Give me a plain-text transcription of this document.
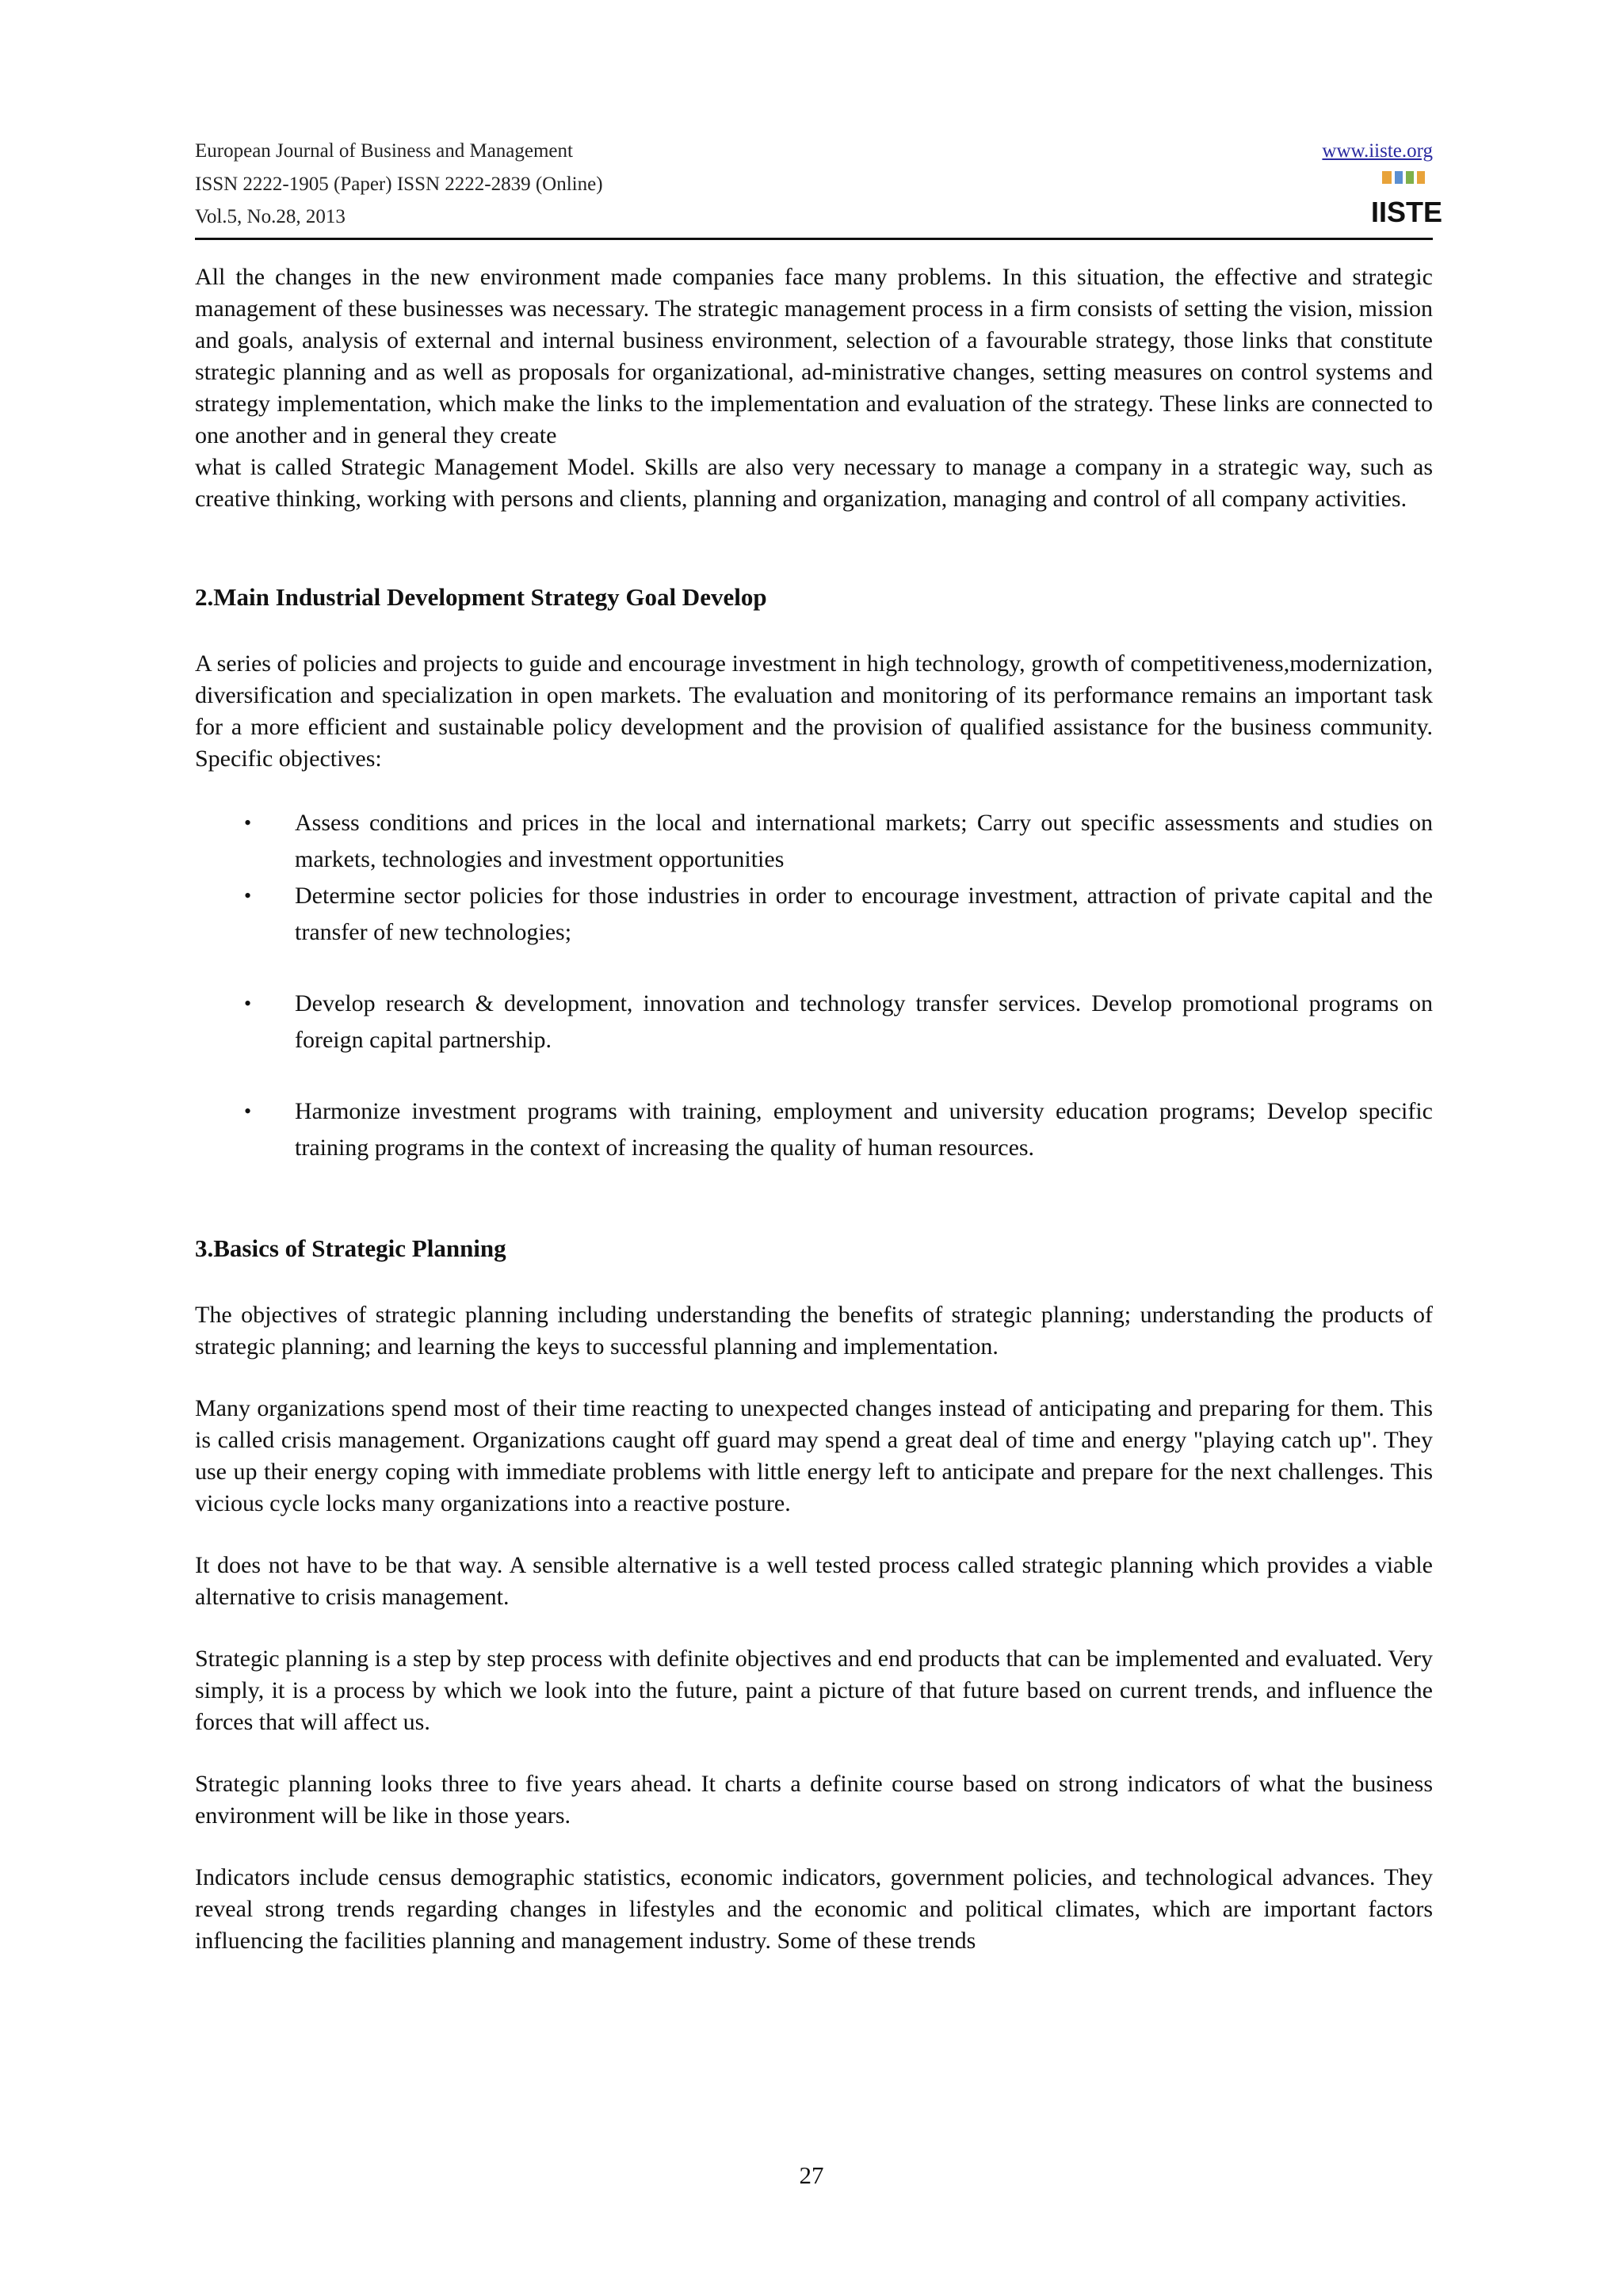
European Journal of Business and Management
ISSN 2222-1905 (Paper) ISSN 2222-2839 (Online)
Vol.5, No.28, 2013
www.iiste.org
IISTE

All the changes in the new environment made companies face many problems. In this situation, the effective and strategic management of these businesses was necessary. The strategic management process in a firm consists of setting the vision, mission and goals, analysis of external and internal business environment, selection of a favourable strategy, those links that constitute strategic planning and as well as proposals for organizational, ad-ministrative changes, setting measures on control systems and strategy implementation, which make the links to the implementation and evaluation of the strategy. These links are connected to one another and in general they create

what is called Strategic Management Model. Skills are also very necessary to manage a company in a strategic way, such as creative thinking, working with persons and clients, planning and organization, managing and control of all company activities.

2.Main Industrial Development Strategy Goal Develop

A series of policies and projects to guide and encourage investment in high technology, growth of competitiveness,modernization, diversification and specialization in open markets. The evaluation and monitoring of its performance remains an important task for a more efficient and sustainable policy development and the provision of qualified assistance for the business community. Specific objectives:

• Assess conditions and prices in the local and international markets; Carry out specific assessments and studies on markets, technologies and investment opportunities
• Determine sector policies for those industries in order to encourage investment, attraction of private capital and the transfer of new technologies;
• Develop research & development, innovation and technology transfer services. Develop promotional programs on foreign capital partnership.
• Harmonize investment programs with training, employment and university education programs; Develop specific training programs in the context of increasing the quality of human resources.
3.Basics of Strategic Planning

The objectives of strategic planning including understanding the benefits of strategic planning; understanding the products of strategic planning; and learning the keys to successful planning and implementation.

Many organizations spend most of their time reacting to unexpected changes instead of anticipating and preparing for them. This is called crisis management. Organizations caught off guard may spend a great deal of time and energy "playing catch up". They use up their energy coping with immediate problems with little energy left to anticipate and prepare for the next challenges. This vicious cycle locks many organizations into a reactive posture.

It does not have to be that way. A sensible alternative is a well tested process called strategic planning which provides a viable alternative to crisis management.

Strategic planning is a step by step process with definite objectives and end products that can be implemented and evaluated. Very simply, it is a process by which we look into the future, paint a picture of that future based on current trends, and influence the forces that will affect us.

Strategic planning looks three to five years ahead. It charts a definite course based on strong indicators of what the business environment will be like in those years.

Indicators include census demographic statistics, economic indicators, government policies, and technological advances. They reveal strong trends regarding changes in lifestyles and the economic and political climates, which are important factors influencing the facilities planning and management industry. Some of these trends

27
